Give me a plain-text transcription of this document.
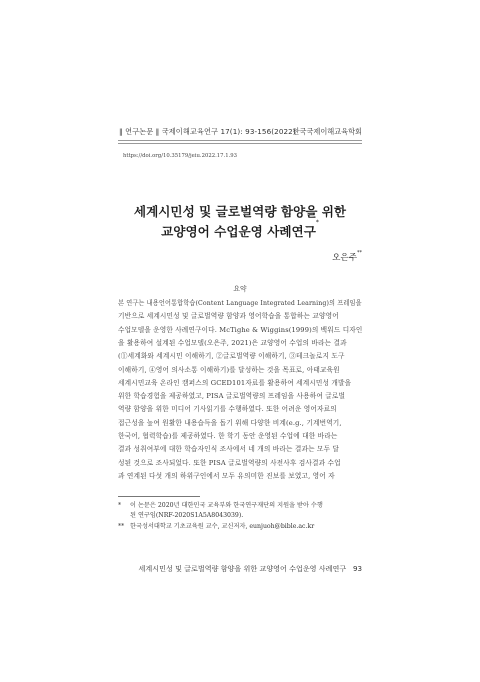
‖ 연구논문 ‖ 국제이해교육연구 17(1): 93-156(2022)
한국국제이해교육학회
https://doi.org/10.35179/jeiu.2022.17.1.93
세계시민성 및 글로벌역량 함양을 위한
교양영어 수업운영 사례연구*
오은주**
요약
본 연구는 내용언어통합학습(Content Language Integrated Learning)의 프레임을
기반으로 세계시민성 및 글로벌역량 함양과 영어학습을 통합하는 교양영어
수업모델을 운영한 사례연구이다. McTighe & Wiggins(1999)의 백워드 디자인
을 활용하여 설계된 수업모델(오은주, 2021)은 교양영어 수업의 바라는 결과
(①세계화와 세계시민 이해하기, ②글로벌역량 이해하기, ③테크놀로지 도구
이해하기, ④영어 의사소통 이해하기)를 달성하는 것을 목표로, 아태교육원
세계시민교육 온라인 캠퍼스의 GCED101자료를 활용하여 세계시민성 개발을
위한 학습경험을 제공하였고, PISA 글로벌역량의 프레임을 사용하여 글로벌
역량 함양을 위한 미디어 기사읽기를 수행하였다. 또한 어려운 영어자료의
접근성을 높여 원활한 내용습득을 돕기 위해 다양한 비계(e.g., 기계번역기,
한국어, 협력학습)를 제공하였다. 한 학기 동안 운영된 수업에 대한 바라는
결과 성취여부에 대한 학습자인식 조사에서 네 개의 바라는 결과는 모두 달
성된 것으로 조사되었다. 또한 PISA 글로벌역량의 사전사후 검사결과 수업
과 연계된 다섯 개의 하위구인에서 모두 유의미한 진보를 보였고, 영어 자
* 이 논문은 2020년 대한민국 교육부와 한국연구재단의 지원을 받아 수행
된 연구임(NRF-2020S1A5A8043039).
** 한국성서대학교 기초교육원 교수, 교신저자, eunjuoh@bible.ac.kr
세계시민성 및 글로벌역량 함양을 위한 교양영어 수업운영 사례연구 93
